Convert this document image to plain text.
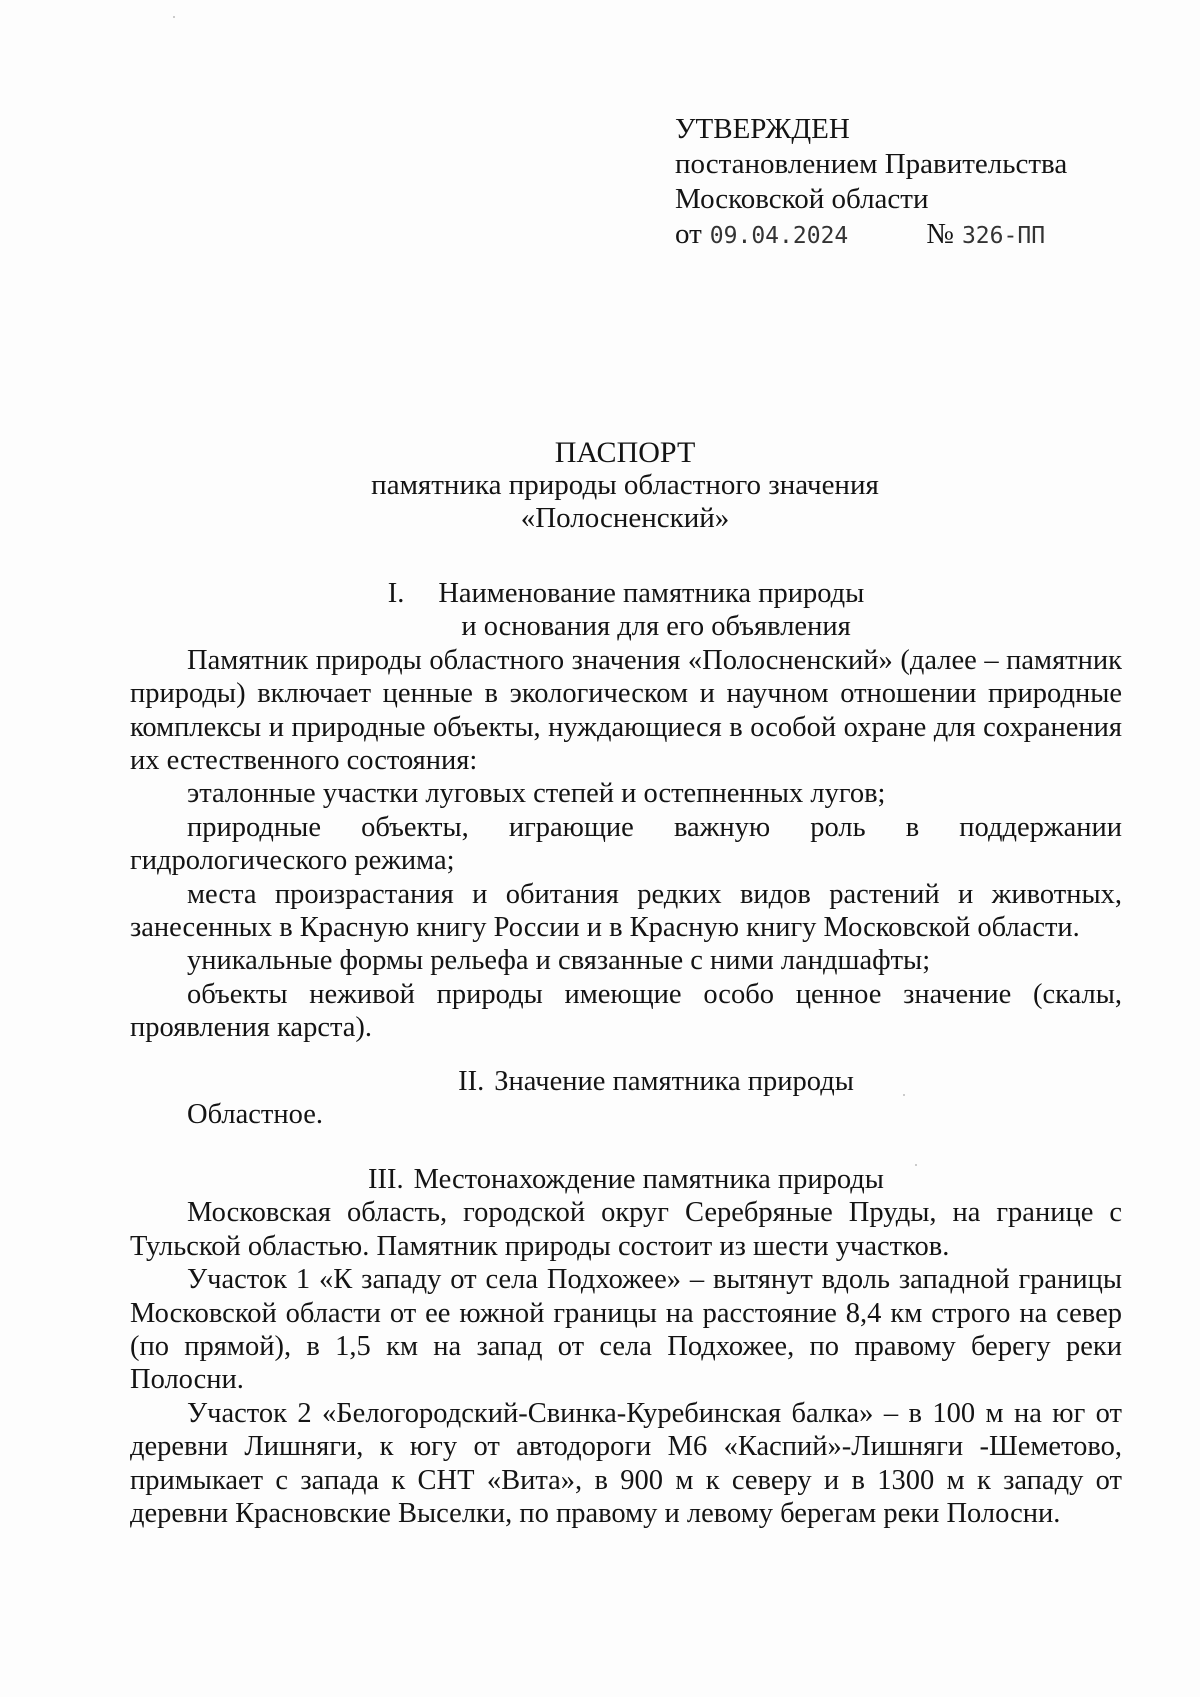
УТВЕРЖДЕН
постановлением Правительства
Московской области
от 09.04.2024	№ 326-ПП
ПАСПОРТ
памятника природы областного значения
«Полосненский»
I. Наименование памятника природы
и основания для его объявления

Памятник природы областного значения «Полосненский» (далее – памятник природы) включает ценные в экологическом и научном отношении природные комплексы и природные объекты, нуждающиеся в особой охране для сохранения их естественного состояния:

эталонные участки луговых степей и остепненных лугов;

природные объекты, играющие важную роль в поддержании гидрологического режима;

места произрастания и обитания редких видов растений и животных, занесенных в Красную книгу России и в Красную книгу Московской области.

уникальные формы рельефа и связанные с ними ландшафты;

объекты неживой природы имеющие особо ценное значение (скалы, проявления карста).

II. Значение памятника природы

Областное.

III. Местонахождение памятника природы

Московская область, городской округ Серебряные Пруды, на границе с Тульской областью. Памятник природы состоит из шести участков.

Участок 1 «К западу от села Подхожее» – вытянут вдоль западной границы Московской области от ее южной границы на расстояние 8,4 км строго на север (по прямой), в 1,5 км на запад от села Подхожее, по правому берегу реки Полосни.

Участок 2 «Белогородский-Свинка-Куребинская балка» – в 100 м на юг от деревни Лишняги, к югу от автодороги М6 «Каспий»-Лишняги -Шеметово, примыкает с запада к СНТ «Вита», в 900 м к северу и в 1300 м к западу от деревни Красновские Выселки, по правому и левому берегам реки Полосни.
